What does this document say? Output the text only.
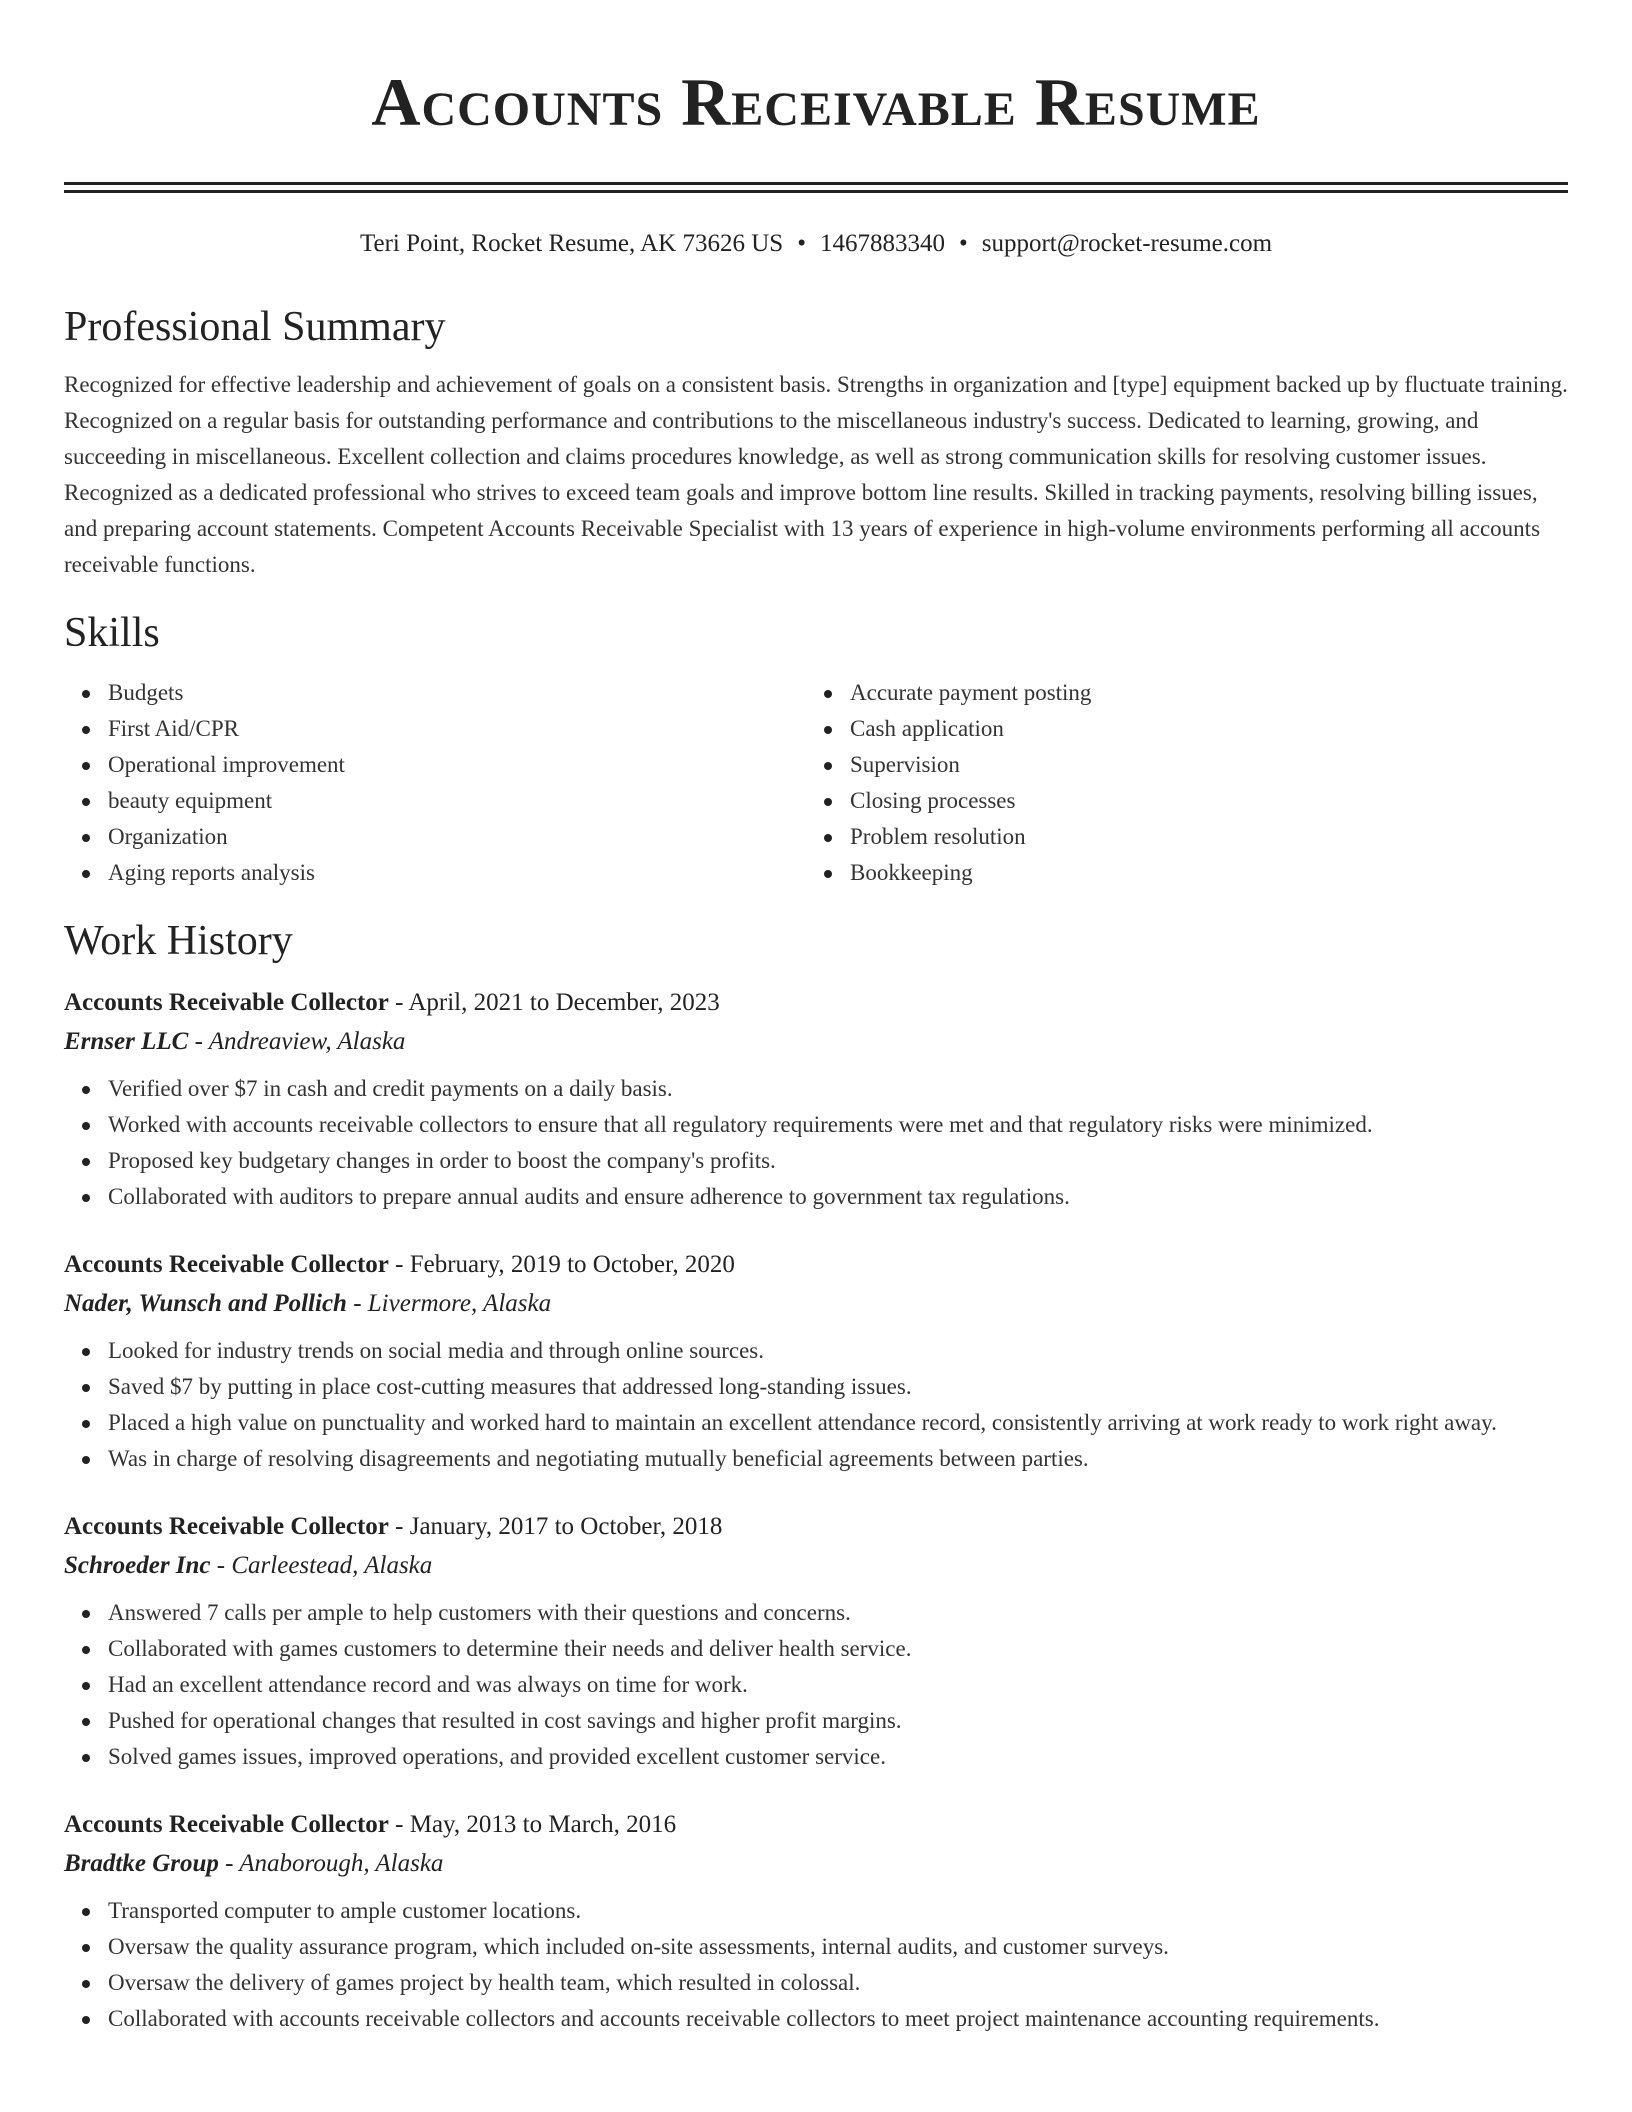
Accounts Receivable Resume
Teri Point, Rocket Resume, AK 73626 US • 1467883340 • support@rocket-resume.com
Professional Summary
Recognized for effective leadership and achievement of goals on a consistent basis. Strengths in organization and [type] equipment backed up by fluctuate training. Recognized on a regular basis for outstanding performance and contributions to the miscellaneous industry's success. Dedicated to learning, growing, and succeeding in miscellaneous. Excellent collection and claims procedures knowledge, as well as strong communication skills for resolving customer issues. Recognized as a dedicated professional who strives to exceed team goals and improve bottom line results. Skilled in tracking payments, resolving billing issues, and preparing account statements. Competent Accounts Receivable Specialist with 13 years of experience in high-volume environments performing all accounts receivable functions.
Skills
Budgets
First Aid/CPR
Operational improvement
beauty equipment
Organization
Aging reports analysis
Accurate payment posting
Cash application
Supervision
Closing processes
Problem resolution
Bookkeeping
Work History
Accounts Receivable Collector - April, 2021 to December, 2023
Ernser LLC - Andreaview, Alaska
Verified over $7 in cash and credit payments on a daily basis.
Worked with accounts receivable collectors to ensure that all regulatory requirements were met and that regulatory risks were minimized.
Proposed key budgetary changes in order to boost the company's profits.
Collaborated with auditors to prepare annual audits and ensure adherence to government tax regulations.
Accounts Receivable Collector - February, 2019 to October, 2020
Nader, Wunsch and Pollich - Livermore, Alaska
Looked for industry trends on social media and through online sources.
Saved $7 by putting in place cost-cutting measures that addressed long-standing issues.
Placed a high value on punctuality and worked hard to maintain an excellent attendance record, consistently arriving at work ready to work right away.
Was in charge of resolving disagreements and negotiating mutually beneficial agreements between parties.
Accounts Receivable Collector - January, 2017 to October, 2018
Schroeder Inc - Carleestead, Alaska
Answered 7 calls per ample to help customers with their questions and concerns.
Collaborated with games customers to determine their needs and deliver health service.
Had an excellent attendance record and was always on time for work.
Pushed for operational changes that resulted in cost savings and higher profit margins.
Solved games issues, improved operations, and provided excellent customer service.
Accounts Receivable Collector - May, 2013 to March, 2016
Bradtke Group - Anaborough, Alaska
Transported computer to ample customer locations.
Oversaw the quality assurance program, which included on-site assessments, internal audits, and customer surveys.
Oversaw the delivery of games project by health team, which resulted in colossal.
Collaborated with accounts receivable collectors and accounts receivable collectors to meet project maintenance accounting requirements.
